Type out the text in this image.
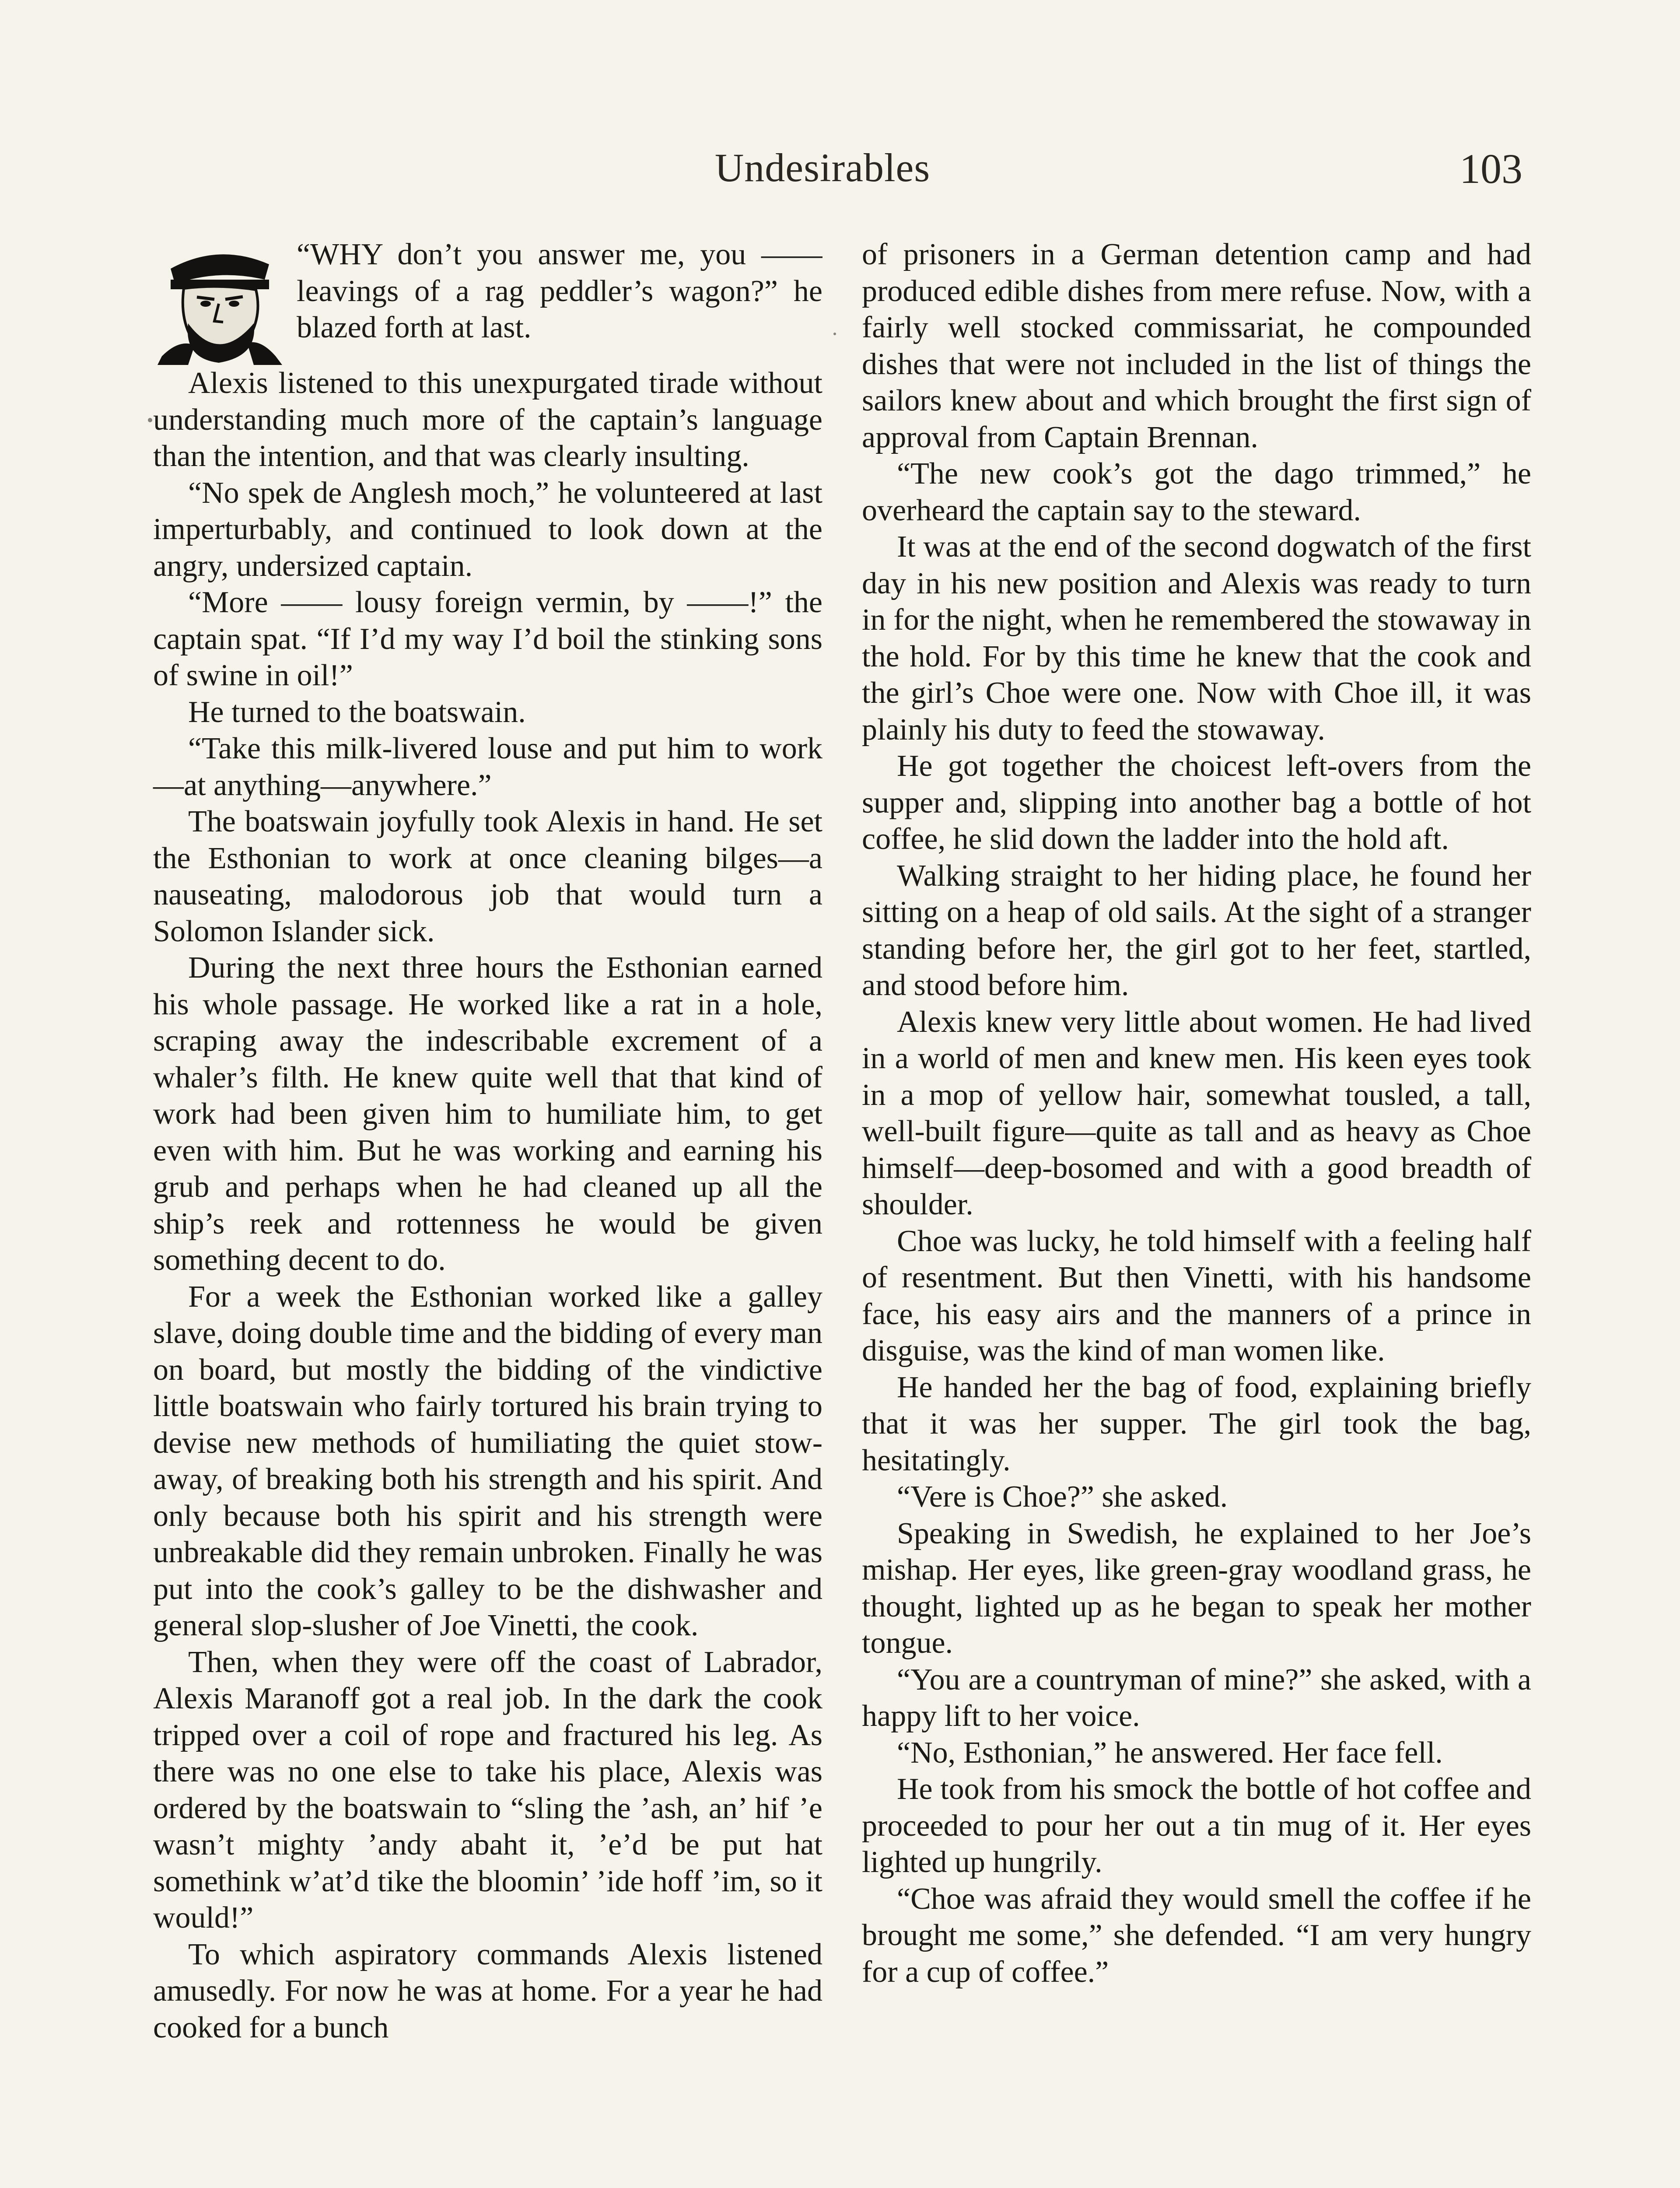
Undesirables	103

“WHY don’t you answer me, you —— leavings of a rag peddler’s wagon?” he blazed forth at last.

Alexis listened to this unexpurgated tirade without understanding much more of the captain’s language than the intention, and that was clearly insulting.

“No spek de Anglesh moch,” he volunteered at last imperturbably, and continued to look down at the angry, undersized captain.

“More —— lousy foreign vermin, by ——!” the captain spat. “If I’d my way I’d boil the stinking sons of swine in oil!”

He turned to the boatswain.

“Take this milk-livered louse and put him to work—at anything—anywhere.”

The boatswain joyfully took Alexis in hand. He set the Esthonian to work at once cleaning bilges—a nauseating, malodorous job that would turn a Solomon Islander sick.

During the next three hours the Esthonian earned his whole passage. He worked like a rat in a hole, scraping away the indescribable excrement of a whaler’s filth. He knew quite well that that kind of work had been given him to humiliate him, to get even with him. But he was working and earning his grub and perhaps when he had cleaned up all the ship’s reek and rottenness he would be given something decent to do.

For a week the Esthonian worked like a galley slave, doing double time and the bidding of every man on board, but mostly the bidding of the vindictive little boatswain who fairly tortured his brain trying to devise new methods of humiliating the quiet stowaway, of breaking both his strength and his spirit. And only because both his spirit and his strength were unbreakable did they remain unbroken. Finally he was put into the cook’s galley to be the dishwasher and general slop-slusher of Joe Vinetti, the cook.

Then, when they were off the coast of Labrador, Alexis Maranoff got a real job. In the dark the cook tripped over a coil of rope and fractured his leg. As there was no one else to take his place, Alexis was ordered by the boatswain to “sling the ’ash, an’ hif ’e wasn’t mighty ’andy abaht it, ’e’d be put hat somethink w’at’d tike the bloomin’ ’ide hoff ’im, so it would!”

To which aspiratory commands Alexis listened amusedly. For now he was at home. For a year he had cooked for a bunch

of prisoners in a German detention camp and had produced edible dishes from mere refuse. Now, with a fairly well stocked commissariat, he compounded dishes that were not included in the list of things the sailors knew about and which brought the first sign of approval from Captain Brennan.

“The new cook’s got the dago trimmed,” he overheard the captain say to the steward.

It was at the end of the second dogwatch of the first day in his new position and Alexis was ready to turn in for the night, when he remembered the stowaway in the hold. For by this time he knew that the cook and the girl’s Choe were one. Now with Choe ill, it was plainly his duty to feed the stowaway.

He got together the choicest left-overs from the supper and, slipping into another bag a bottle of hot coffee, he slid down the ladder into the hold aft.

Walking straight to her hiding place, he found her sitting on a heap of old sails. At the sight of a stranger standing before her, the girl got to her feet, startled, and stood before him.

Alexis knew very little about women. He had lived in a world of men and knew men. His keen eyes took in a mop of yellow hair, somewhat tousled, a tall, well-built figure—quite as tall and as heavy as Choe himself—deep-bosomed and with a good breadth of shoulder.

Choe was lucky, he told himself with a feeling half of resentment. But then Vinetti, with his handsome face, his easy airs and the manners of a prince in disguise, was the kind of man women like.

He handed her the bag of food, explaining briefly that it was her supper. The girl took the bag, hesitatingly.

“Vere is Choe?” she asked.

Speaking in Swedish, he explained to her Joe’s mishap. Her eyes, like green-gray woodland grass, he thought, lighted up as he began to speak her mother tongue.

“You are a countryman of mine?” she asked, with a happy lift to her voice.

“No, Esthonian,” he answered. Her face fell.

He took from his smock the bottle of hot coffee and proceeded to pour her out a tin mug of it. Her eyes lighted up hungrily.

“Choe was afraid they would smell the coffee if he brought me some,” she defended. “I am very hungry for a cup of coffee.”
